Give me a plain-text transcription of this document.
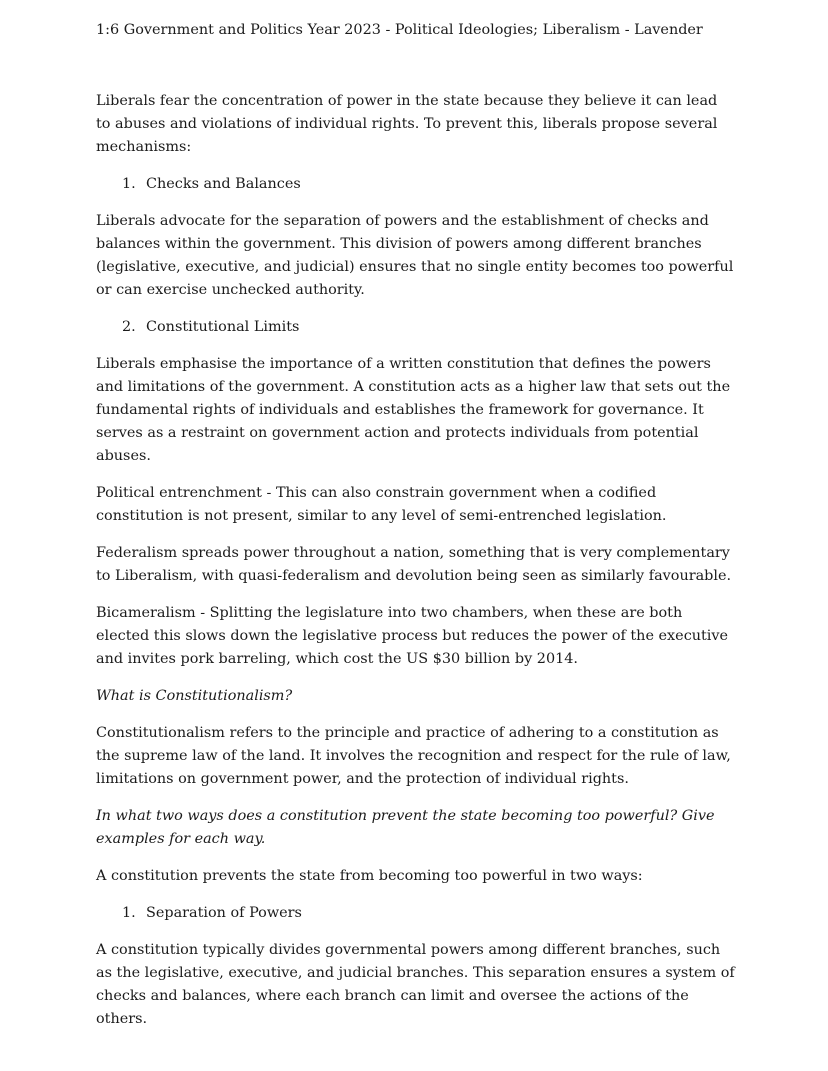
1:6 Government and Politics Year 2023 - Political Ideologies; Liberalism - Lavender

Liberals fear the concentration of power in the state because they believe it can lead to abuses and violations of individual rights. To prevent this, liberals propose several mechanisms:

1. Checks and Balances

Liberals advocate for the separation of powers and the establishment of checks and balances within the government. This division of powers among different branches (legislative, executive, and judicial) ensures that no single entity becomes too powerful or can exercise unchecked authority.

2. Constitutional Limits

Liberals emphasise the importance of a written constitution that defines the powers and limitations of the government. A constitution acts as a higher law that sets out the fundamental rights of individuals and establishes the framework for governance. It serves as a restraint on government action and protects individuals from potential abuses.

Political entrenchment - This can also constrain government when a codified constitution is not present, similar to any level of semi-entrenched legislation.

Federalism spreads power throughout a nation, something that is very complementary to Liberalism, with quasi-federalism and devolution being seen as similarly favourable.

Bicameralism - Splitting the legislature into two chambers, when these are both elected this slows down the legislative process but reduces the power of the executive and invites pork barreling, which cost the US $30 billion by 2014.

What is Constitutionalism?

Constitutionalism refers to the principle and practice of adhering to a constitution as the supreme law of the land. It involves the recognition and respect for the rule of law, limitations on government power, and the protection of individual rights.

In what two ways does a constitution prevent the state becoming too powerful? Give examples for each way.

A constitution prevents the state from becoming too powerful in two ways:

1. Separation of Powers

A constitution typically divides governmental powers among different branches, such as the legislative, executive, and judicial branches. This separation ensures a system of checks and balances, where each branch can limit and oversee the actions of the others.
